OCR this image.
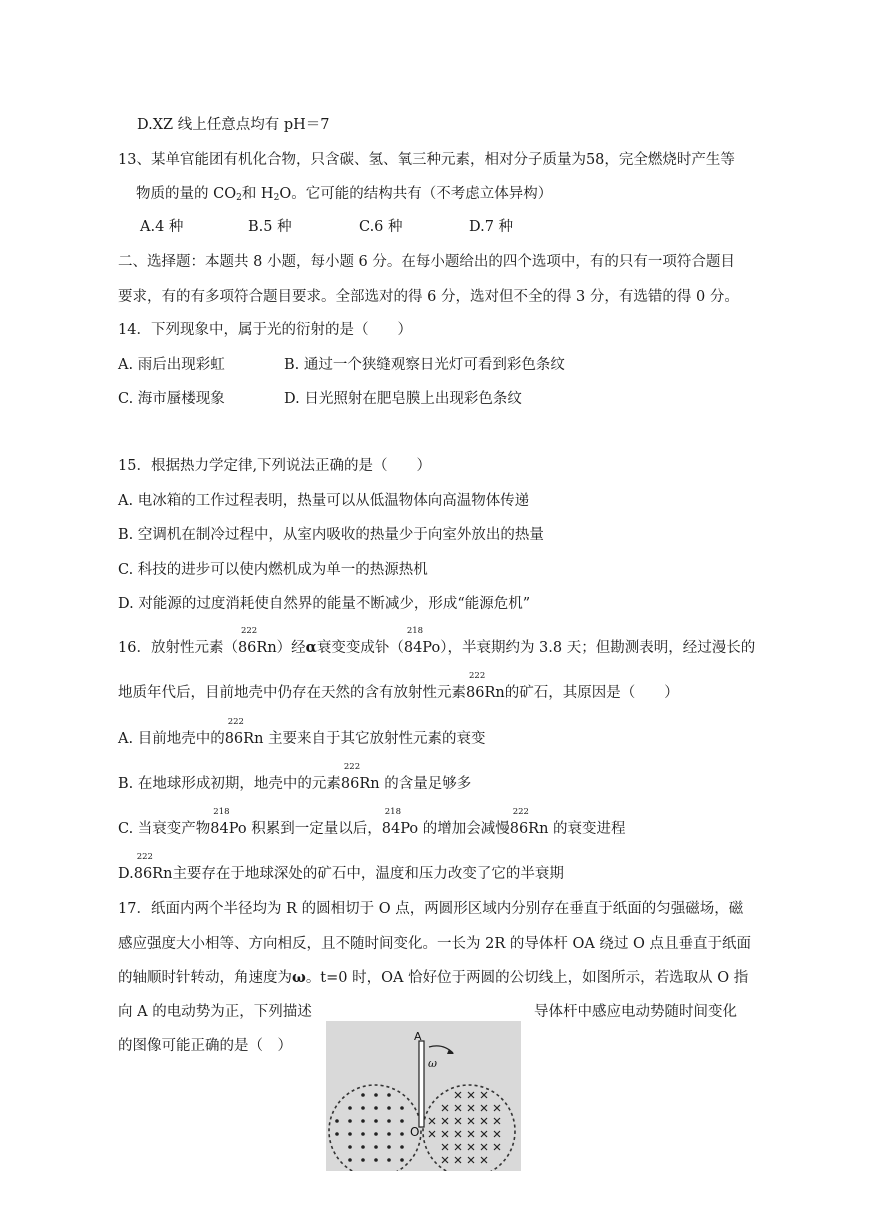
D.XZ 线上任意点均有 pH＝7
13、某单官能团有机化合物，只含碳、氢、氧三种元素，相对分子质量为58，完全燃烧时产生等
物质的量的 $CO_2$和 $H_2O$。它可能的结构共有（不考虑立体异构）
A.4 种	B.5 种	C.6 种	D.7 种
二、选择题：本题共 8 小题，每小题 6 分。在每小题给出的四个选项中，有的只有一项符合题目
要求，有的有多项符合题目要求。全部选对的得 6 分，选对但不全的得 3 分，有选错的得 0 分。
14．下列现象中，属于光的衍射的是（　　）
A. 雨后出现彩虹	B. 通过一个狭缝观察日光灯可看到彩色条纹
C. 海市蜃楼现象	D. 日光照射在肥皂膜上出现彩色条纹
15．根据热力学定律,下列说法正确的是（　　）
A. 电冰箱的工作过程表明，热量可以从低温物体向高温物体传递
B. 空调机在制冷过程中，从室内吸收的热量少于向室外放出的热量
C. 科技的进步可以使内燃机成为单一的热源热机
D. 对能源的过度消耗使自然界的能量不断减少，形成“能源危机”
16．放射性元素（
222
86Rn）经α衰变变成钋（
218
84Po），半衰期约为 3.8 天；但勘测表明，经过漫长的
地质年代后，目前地壳中仍存在天然的含有放射性元素
222
86Rn的矿石，其原因是（　　）
A. 目前地壳中的
222
86Rn 主要来自于其它放射性元素的衰变
B. 在地球形成初期，地壳中的元素
222
86Rn 的含量足够多
C. 当衰变产物
218
84Po 积累到一定量以后，
218
84Po 的增加会减慢
222
86Rn 的衰变进程
D.
222
86Rn主要存在于地球深处的矿石中，温度和压力改变了它的半衰期
17．纸面内两个半径均为 R 的圆相切于 O 点，两圆形区域内分别存在垂直于纸面的匀强磁场，磁
感应强度大小相等、方向相反，且不随时间变化。一长为 2R 的导体杆 OA 绕过 O 点且垂直于纸面
的轴顺时针转动，角速度为ω。t=0 时，OA 恰好位于两圆的公切线上，如图所示，若选取从 O 指
向 A 的电动势为正，下列描述	导体杆中感应电动势随时间变化
的图像可能正确的是（　）
A
ω
O
